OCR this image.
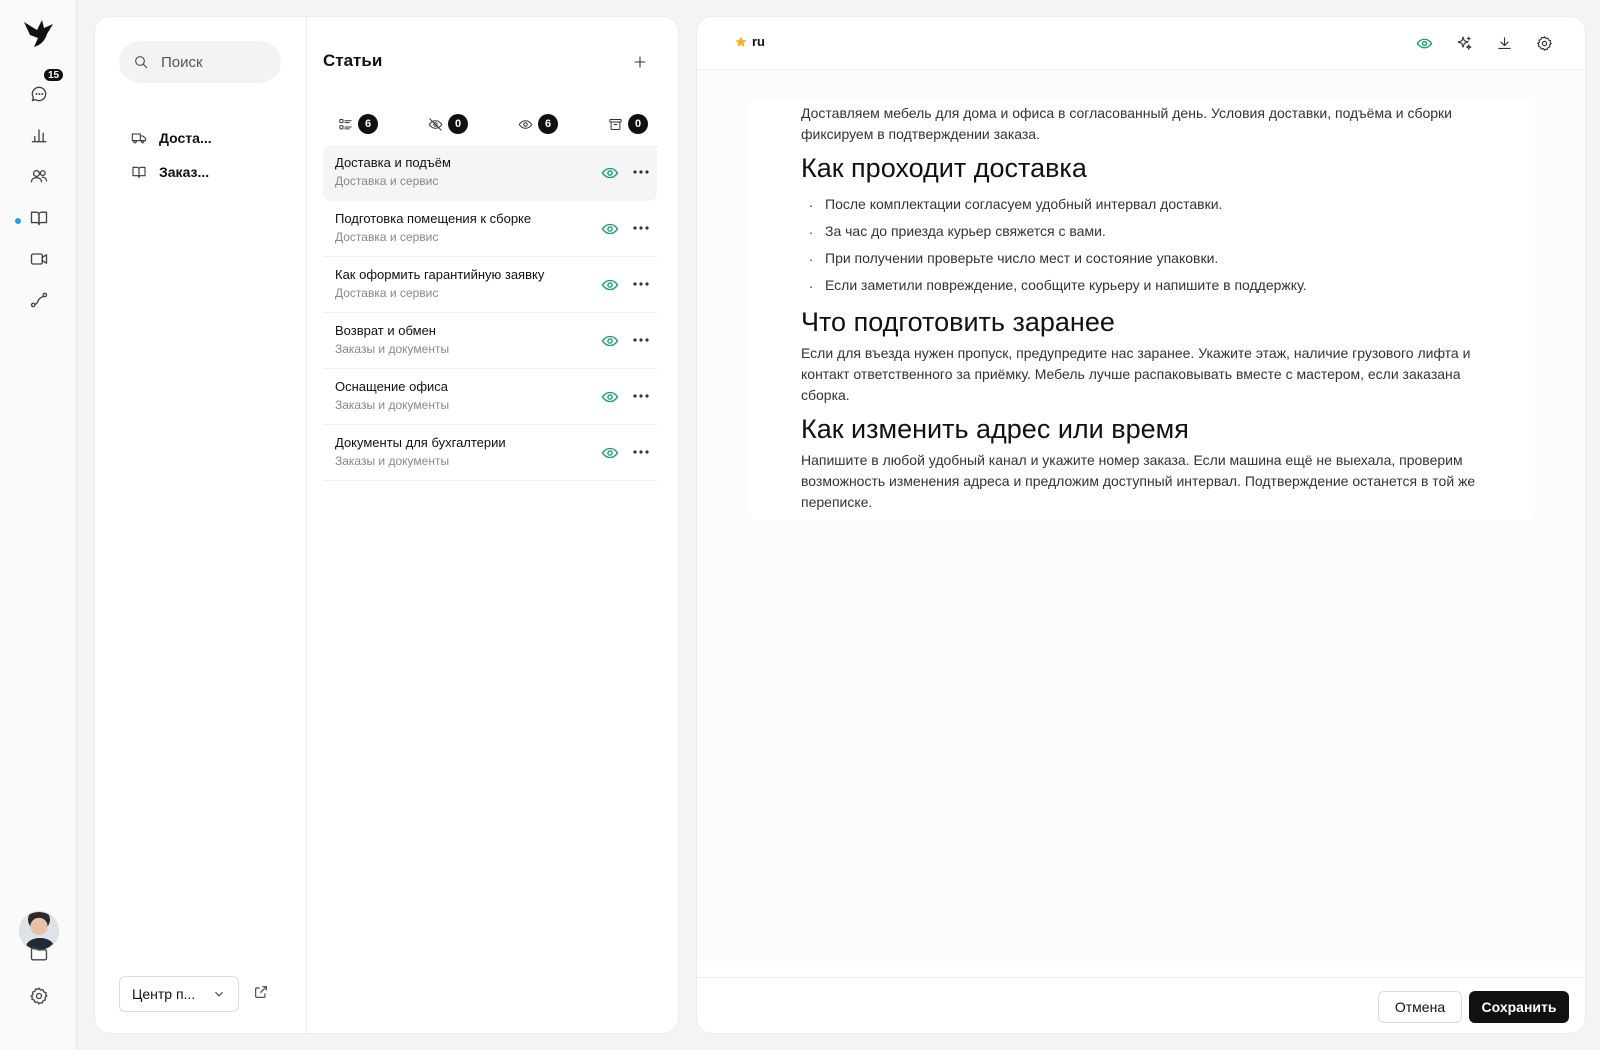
15
Поиск
Доста...
Заказ...
Центр п...
Статьи
6	0	6	0
Доставка и подъём
Доставка и сервис
Подготовка помещения к сборке
Доставка и сервис
Как оформить гарантийную заявку
Доставка и сервис
Возврат и обмен
Заказы и документы
Оснащение офиса
Заказы и документы
Документы для бухгалтерии
Заказы и документы
ru

Доставляем мебель для дома и офиса в согласованный день. Условия доставки, подъёма и сборки фиксируем в подтверждении заказа.

Как проходит доставка
. После комплектации согласуем удобный интервал доставки.
. За час до приезда курьер свяжется с вами.
. При получении проверьте число мест и состояние упаковки.
. Если заметили повреждение, сообщите курьеру и напишите в поддержку.
Что подготовить заранее

Если для въезда нужен пропуск, предупредите нас заранее. Укажите этаж, наличие грузового лифта и контакт ответственного за приёмку. Мебель лучше распаковывать вместе с мастером, если заказана сборка.

Как изменить адрес или время

Напишите в любой удобный канал и укажите номер заказа. Если машина ещё не выехала, проверим возможность изменения адреса и предложим доступный интервал. Подтверждение останется в той же переписке.

Отмена	Сохранить
